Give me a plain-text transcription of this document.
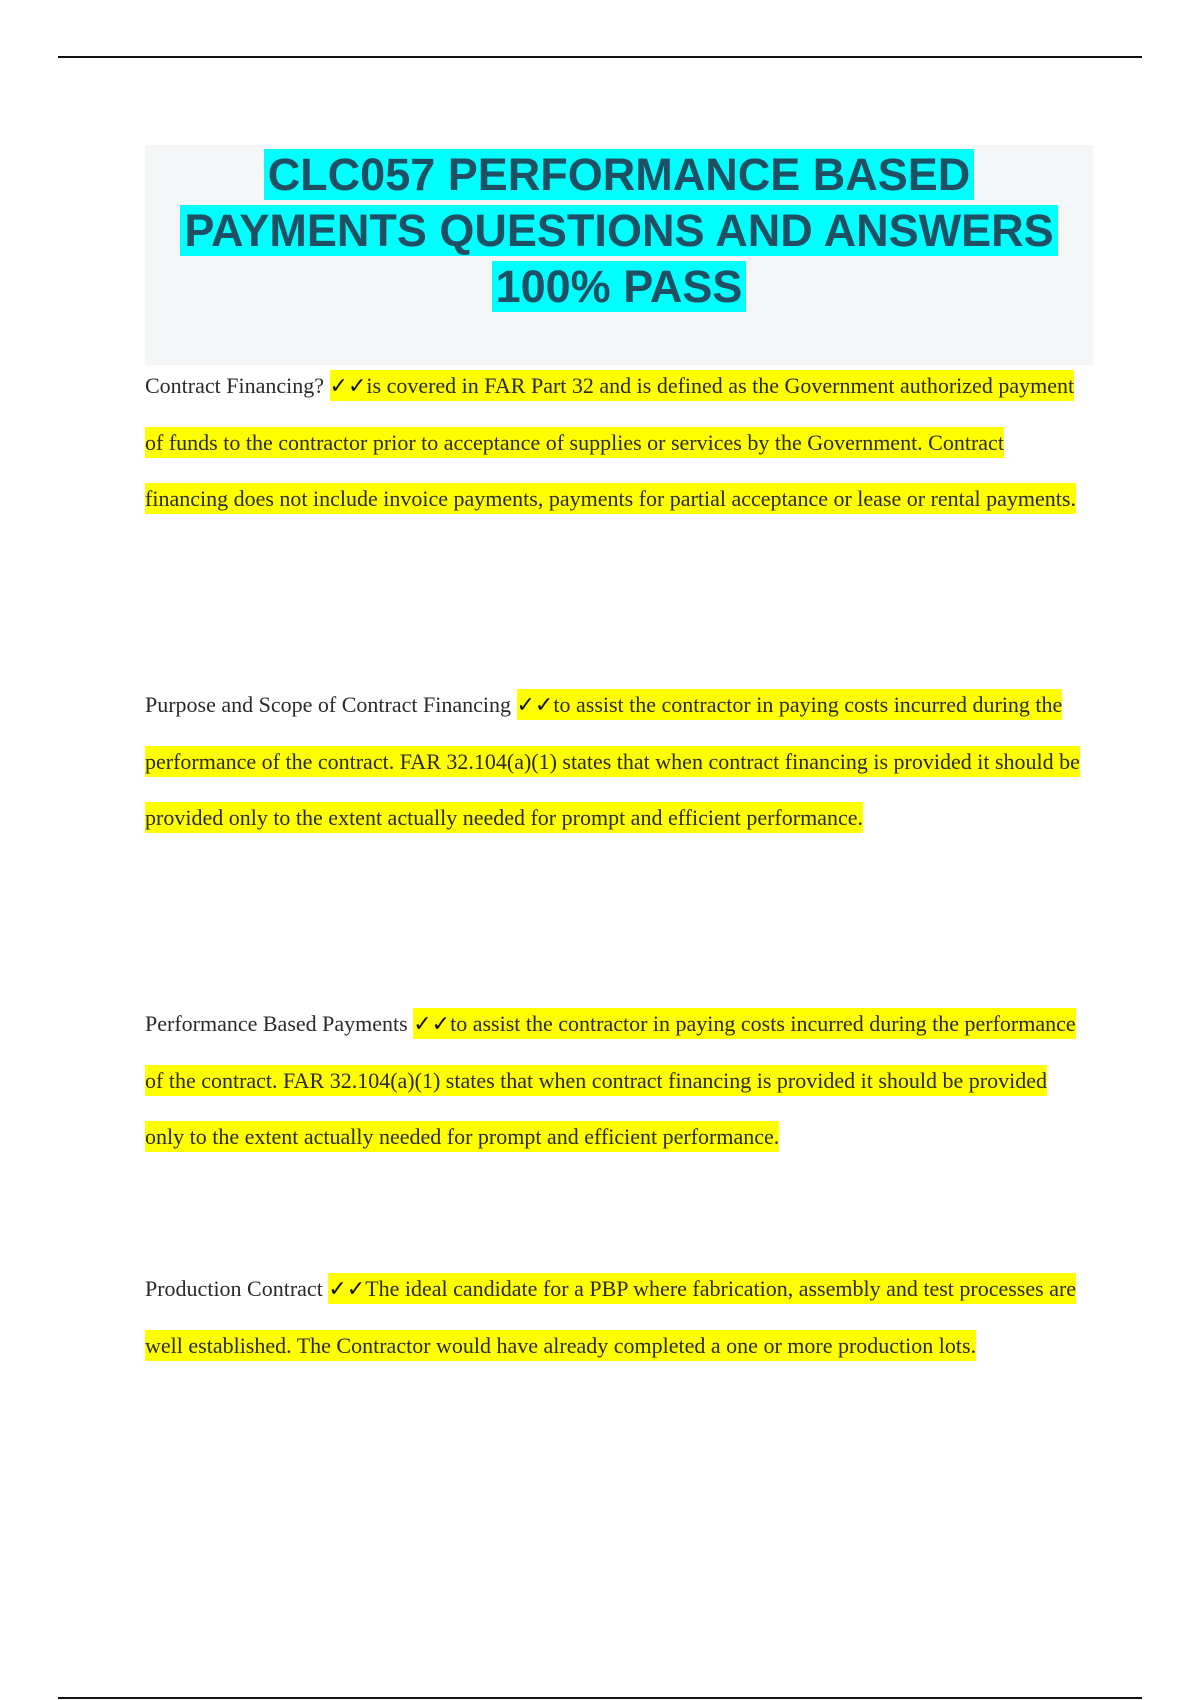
CLC057 PERFORMANCE BASED
PAYMENTS QUESTIONS AND ANSWERS
100% PASS
Contract Financing? ✓✓is covered in FAR Part 32 and is defined as the Government authorized payment of funds to the contractor prior to acceptance of supplies or services by the Government. Contract financing does not include invoice payments, payments for partial acceptance or lease or rental payments.
Purpose and Scope of Contract Financing ✓✓to assist the contractor in paying costs incurred during the performance of the contract. FAR 32.104(a)(1) states that when contract financing is provided it should be provided only to the extent actually needed for prompt and efficient performance.
Performance Based Payments ✓✓to assist the contractor in paying costs incurred during the performance of the contract. FAR 32.104(a)(1) states that when contract financing is provided it should be provided only to the extent actually needed for prompt and efficient performance.
Production Contract ✓✓The ideal candidate for a PBP where fabrication, assembly and test processes are well established. The Contractor would have already completed a one or more production lots.
